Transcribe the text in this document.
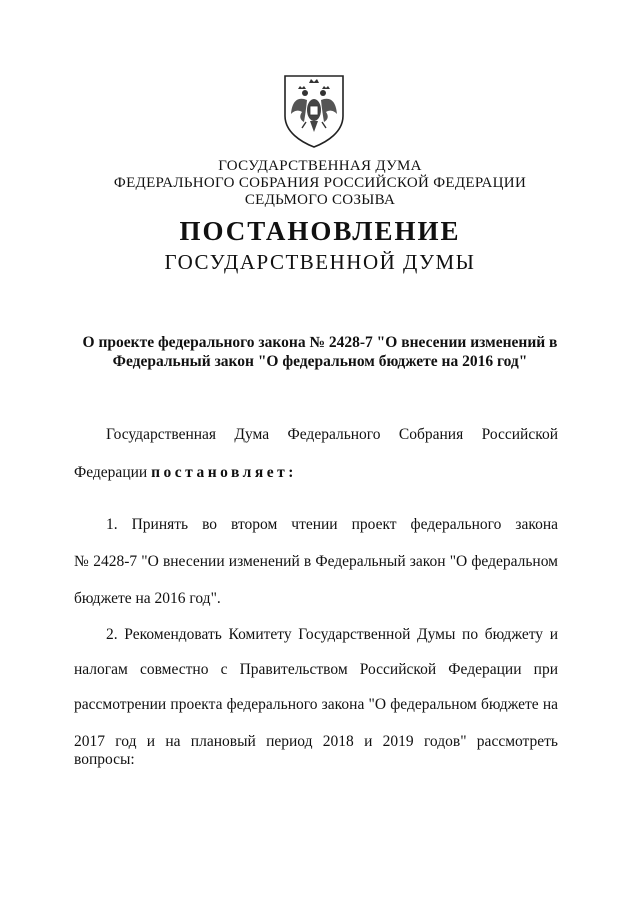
ГОСУДАРСТВЕННАЯ ДУМА
ФЕДЕРАЛЬНОГО СОБРАНИЯ РОССИЙСКОЙ ФЕДЕРАЦИИ
СЕДЬМОГО СОЗЫВА
ПОСТАНОВЛЕНИЕ
ГОСУДАРСТВЕННОЙ ДУМЫ
О проекте федерального закона № 2428-7 "О внесении изменений в
Федеральный закон "О федеральном бюджете на 2016 год"
Государственная Дума Федерального Собрания Российской
Федерации постановляет:
1. Принять во втором чтении проект федерального закона
№ 2428-7 "О внесении изменений в Федеральный закон "О федеральном
бюджете на 2016 год".
2. Рекомендовать Комитету Государственной Думы по бюджету и
налогам совместно с Правительством Российской Федерации при
рассмотрении проекта федерального закона "О федеральном бюджете на
2017 год и на плановый период 2018 и 2019 годов" рассмотреть вопросы:
